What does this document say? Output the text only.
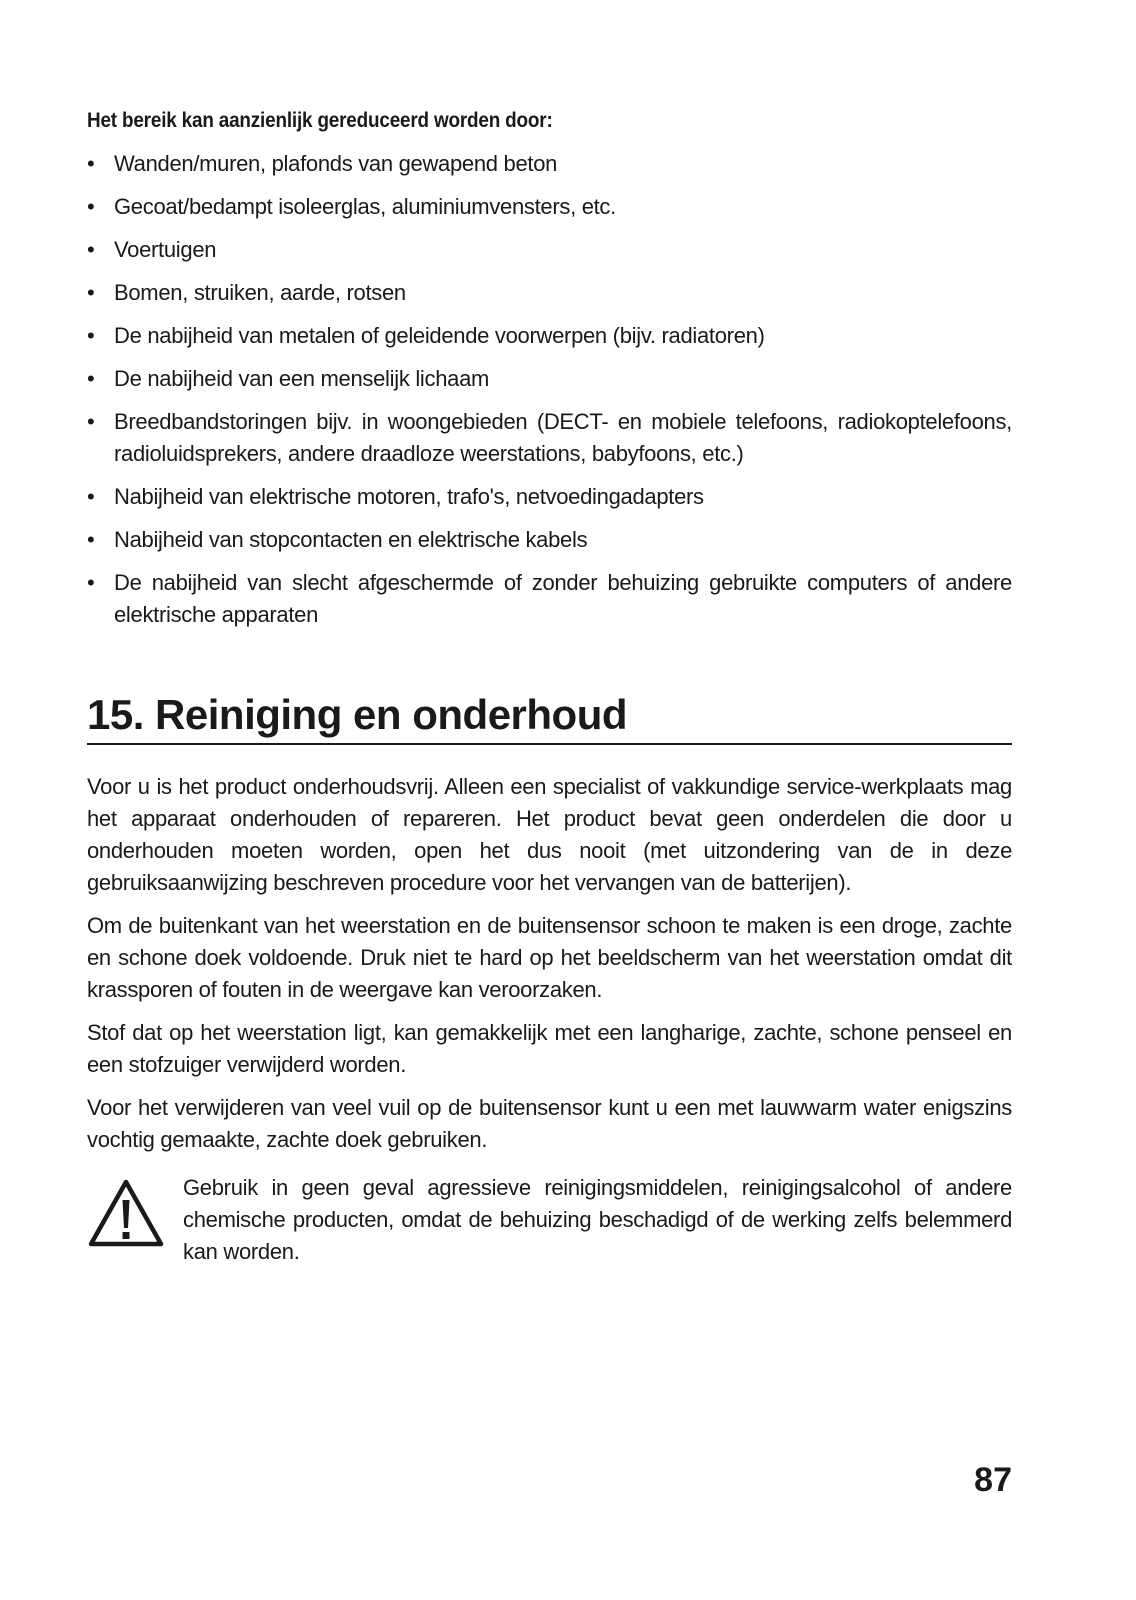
Het bereik kan aanzienlijk gereduceerd worden door:
• Wanden/muren, plafonds van gewapend beton
• Gecoat/bedampt isoleerglas, aluminiumvensters, etc.
• Voertuigen
• Bomen, struiken, aarde, rotsen
• De nabijheid van metalen of geleidende voorwerpen (bijv. radiatoren)
• De nabijheid van een menselijk lichaam
• Breedbandstoringen bijv. in woongebieden (DECT- en mobiele telefoons, radiokoptelefoons, radioluidsprekers, andere draadloze weerstations, babyfoons, etc.)
• Nabijheid van elektrische motoren, trafo's, netvoedingadapters
• Nabijheid van stopcontacten en elektrische kabels
• De nabijheid van slecht afgeschermde of zonder behuizing gebruikte computers of andere elektrische apparaten
15. Reiniging en onderhoud

Voor u is het product onderhoudsvrij. Alleen een specialist of vakkundige service-werkplaats mag het apparaat onderhouden of repareren. Het product bevat geen onderdelen die door u onderhouden moeten worden, open het dus nooit (met uitzondering van de in deze gebruiksaanwijzing beschreven procedure voor het vervangen van de batterijen).

Om de buitenkant van het weerstation en de buitensensor schoon te maken is een droge, zachte en schone doek voldoende. Druk niet te hard op het beeldscherm van het weerstation omdat dit krassporen of fouten in de weergave kan veroorzaken.

Stof dat op het weerstation ligt, kan gemakkelijk met een langharige, zachte, schone penseel en een stofzuiger verwijderd worden.

Voor het verwijderen van veel vuil op de buitensensor kunt u een met lauwwarm water enigszins vochtig gemaakte, zachte doek gebruiken.

Gebruik in geen geval agressieve reinigingsmiddelen, reinigingsalcohol of andere chemische producten, omdat de behuizing beschadigd of de werking zelfs belemmerd kan worden.
87
